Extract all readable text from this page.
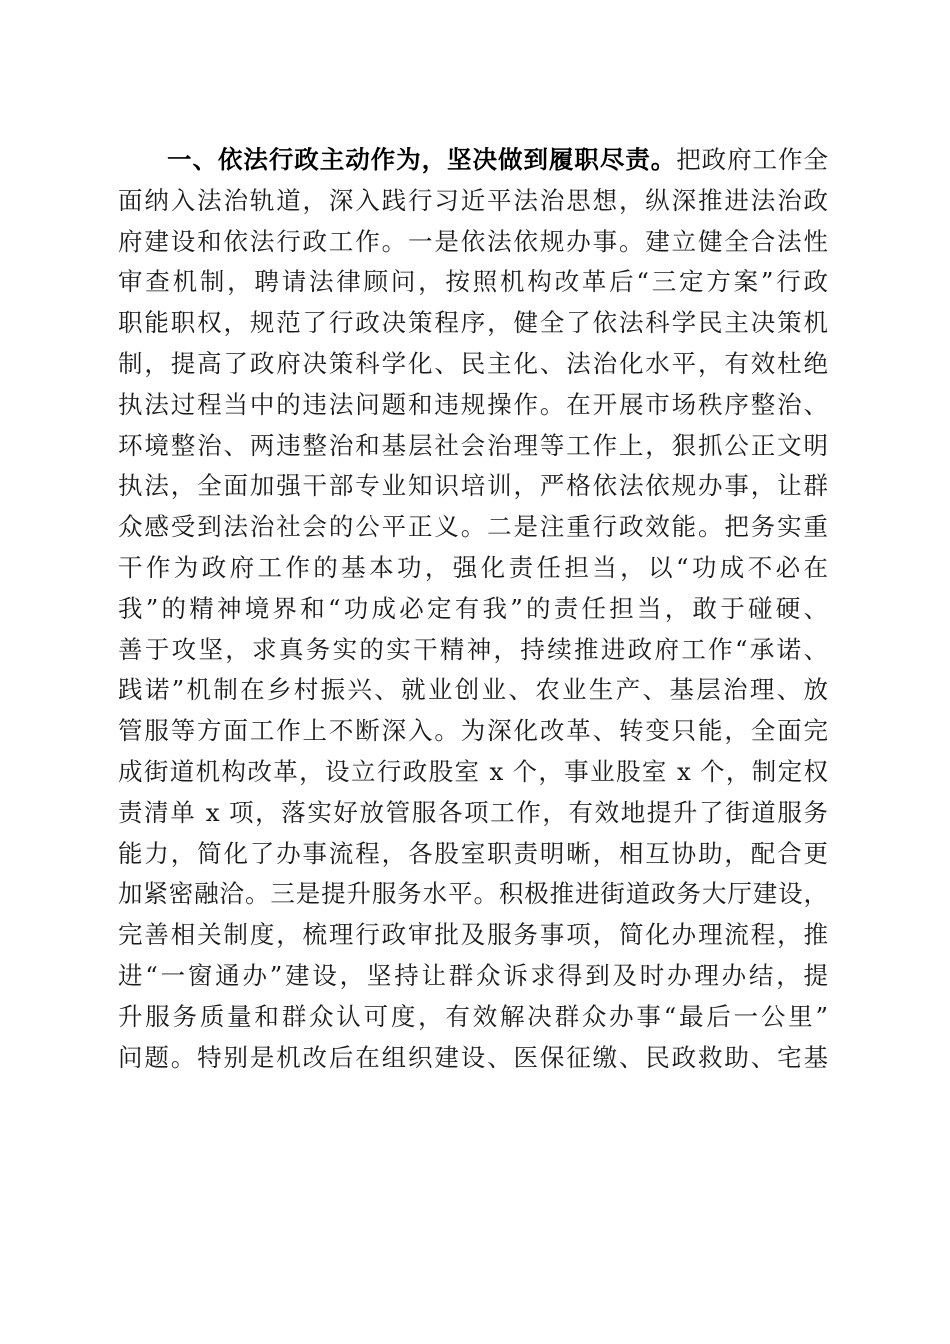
一、依法行政主动作为，坚决做到履职尽责。把政府工作全
面纳入法治轨道，深入践行习近平法治思想，纵深推进法治政
府建设和依法行政工作。一是依法依规办事。建立健全合法性
审查机制，聘请法律顾问，按照机构改革后“三定方案”行政
职能职权，规范了行政决策程序，健全了依法科学民主决策机
制，提高了政府决策科学化、民主化、法治化水平，有效杜绝
执法过程当中的违法问题和违规操作。在开展市场秩序整治、
环境整治、两违整治和基层社会治理等工作上，狠抓公正文明
执法，全面加强干部专业知识培训，严格依法依规办事，让群
众感受到法治社会的公平正义。二是注重行政效能。把务实重
干作为政府工作的基本功，强化责任担当，以“功成不必在
我”的精神境界和“功成必定有我”的责任担当，敢于碰硬、
善于攻坚，求真务实的实干精神，持续推进政府工作“承诺、
践诺”机制在乡村振兴、就业创业、农业生产、基层治理、放
管服等方面工作上不断深入。为深化改革、转变只能，全面完
成街道机构改革，设立行政股室 x 个，事业股室 x 个，制定权
责清单 x 项，落实好放管服各项工作，有效地提升了街道服务
能力，简化了办事流程，各股室职责明晰，相互协助，配合更
加紧密融洽。三是提升服务水平。积极推进街道政务大厅建设，
完善相关制度，梳理行政审批及服务事项，简化办理流程，推
进“一窗通办”建设，坚持让群众诉求得到及时办理办结，提
升服务质量和群众认可度，有效解决群众办事“最后一公里”
问题。特别是机改后在组织建设、医保征缴、民政救助、宅基
